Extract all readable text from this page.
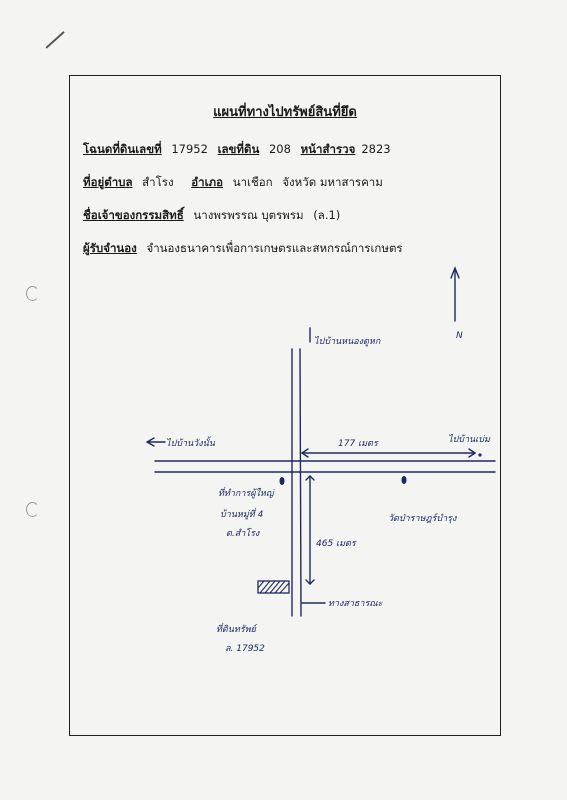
แผนที่ทางไปทรัพย์สินที่ยึด
โฉนดที่ดินเลขที่ 17952 เลขที่ดิน 208 หน้าสำรวจ 2823
ที่อยู่ตำบล สำโรง อำเภอ นาเชือก จังหวัด มหาสารคาม
ชื่อเจ้าของกรรมสิทธิ์ นางพรพรรณ บุตรพรม (ล.1)
ผู้รับจำนอง จำนองธนาคารเพื่อการเกษตรและสหกรณ์การเกษตร
N
ไปบ้านหนองตูหก
ไปบ้านวังนั้น	ไปบ้านเบ่ม
177 เมตร
465 เมตร
ที่ทำการผู้ใหญ่
บ้านหมู่ที่ 4
ต.สำโรง
วัดป่าราษฎร์บำรุง
ที่ดินทรัพย์
ล. 17952
ทางสาธารณะ
